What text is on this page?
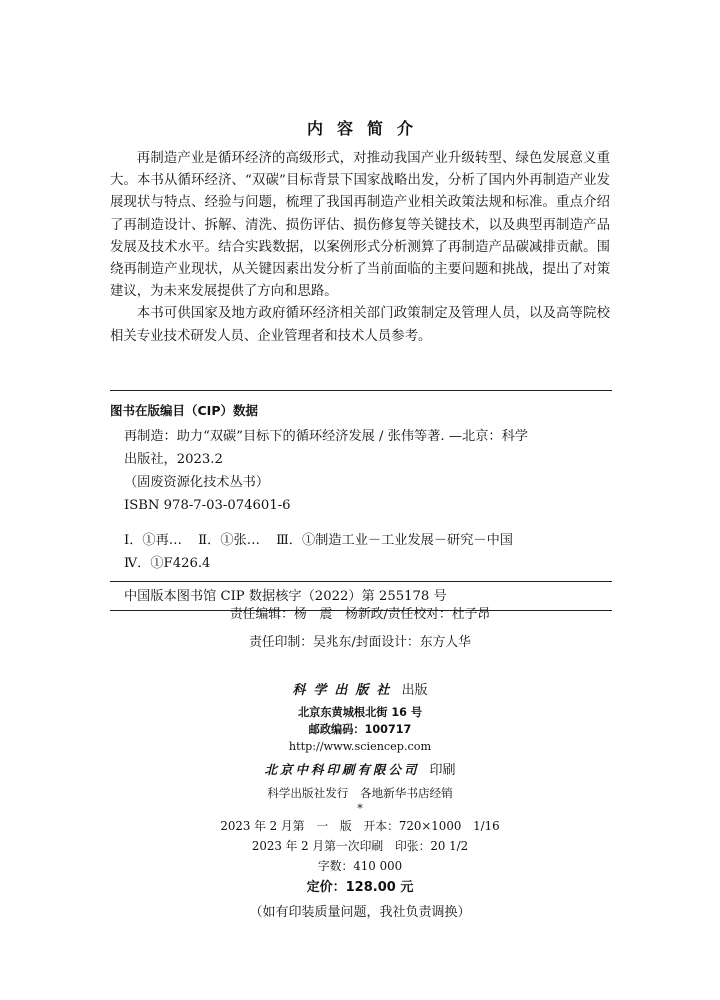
内容简介

再制造产业是循环经济的高级形式，对推动我国产业升级转型、绿色发展意义重大。本书从循环经济、“双碳”目标背景下国家战略出发，分析了国内外再制造产业发展现状与特点、经验与问题，梳理了我国再制造产业相关政策法规和标准。重点介绍了再制造设计、拆解、清洗、损伤评估、损伤修复等关键技术，以及典型再制造产品发展及技术水平。结合实践数据，以案例形式分析测算了再制造产品碳减排贡献。围绕再制造产业现状，从关键因素出发分析了当前面临的主要问题和挑战，提出了对策建议，为未来发展提供了方向和思路。

本书可供国家及地方政府循环经济相关部门政策制定及管理人员，以及高等院校相关专业技术研发人员、企业管理者和技术人员参考。

图书在版编目（CIP）数据

再制造：助力“双碳”目标下的循环经济发展 / 张伟等著. —北京：科学

出版社，2023.2

（固废资源化技术丛书）

ISBN 978-7-03-074601-6

Ⅰ．①再… Ⅱ．①张… Ⅲ．①制造工业－工业发展－研究－中国

Ⅳ．①F426.4

中国版本图书馆 CIP 数据核字（2022）第 255178 号
责任编辑：杨　震　杨新政/责任校对：杜子昂
责任印制：吴兆东/封面设计：东方人华
科学出版社 出版
北京东黄城根北街 16 号
邮政编码：100717
http://www.sciencep.com
北京中科印刷有限公司 印刷
科学出版社发行　各地新华书店经销
*
2023 年 2 月第　一　版　开本：720×1000　1/16
2023 年 2 月第一次印刷　印张：20 1/2
字数：410 000
定价：128.00 元
（如有印装质量问题，我社负责调换）
